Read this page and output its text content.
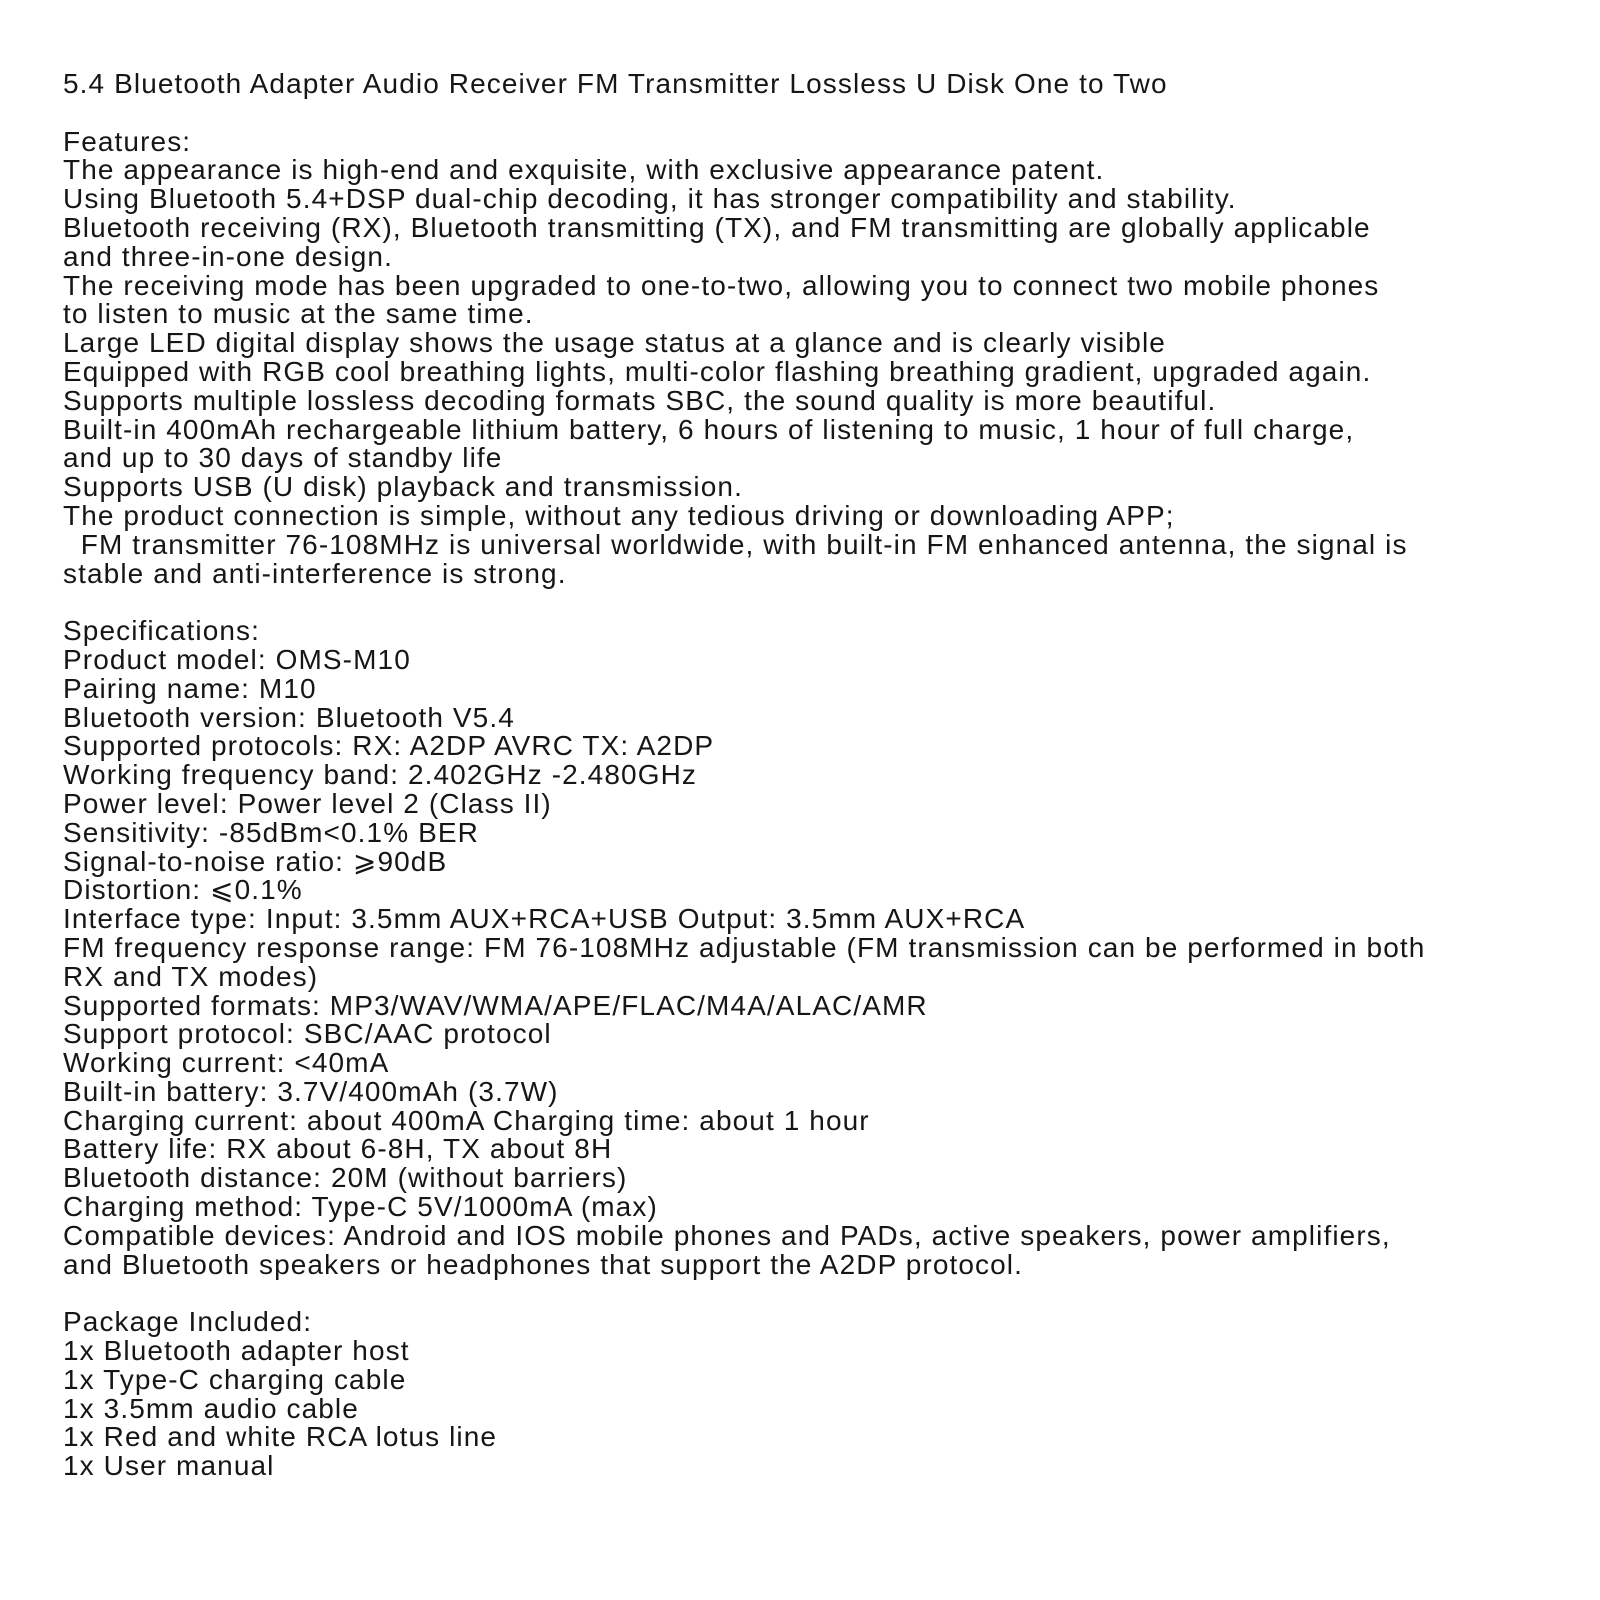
5.4 Bluetooth Adapter Audio Receiver FM Transmitter Lossless U Disk One to Two
Features:
The appearance is high-end and exquisite, with exclusive appearance patent.
Using Bluetooth 5.4+DSP dual-chip decoding, it has stronger compatibility and stability.
Bluetooth receiving (RX), Bluetooth transmitting (TX), and FM transmitting are globally applicable
and three-in-one design.
The receiving mode has been upgraded to one-to-two, allowing you to connect two mobile phones
to listen to music at the same time.
Large LED digital display shows the usage status at a glance and is clearly visible
Equipped with RGB cool breathing lights, multi-color flashing breathing gradient, upgraded again.
Supports multiple lossless decoding formats SBC, the sound quality is more beautiful.
Built-in 400mAh rechargeable lithium battery, 6 hours of listening to music, 1 hour of full charge,
and up to 30 days of standby life
Supports USB (U disk) playback and transmission.
The product connection is simple, without any tedious driving or downloading APP;
FM transmitter 76-108MHz is universal worldwide, with built-in FM enhanced antenna, the signal is
stable and anti-interference is strong.
Specifications:
Product model: OMS-M10
Pairing name: M10
Bluetooth version: Bluetooth V5.4
Supported protocols: RX: A2DP AVRC TX: A2DP
Working frequency band: 2.402GHz -2.480GHz
Power level: Power level 2 (Class II)
Sensitivity: -85dBm<0.1% BER
Signal-to-noise ratio: ⩾90dB
Distortion: ⩽0.1%
Interface type: Input: 3.5mm AUX+RCA+USB Output: 3.5mm AUX+RCA
FM frequency response range: FM 76-108MHz adjustable (FM transmission can be performed in both
RX and TX modes)
Supported formats: MP3/WAV/WMA/APE/FLAC/M4A/ALAC/AMR
Support protocol: SBC/AAC protocol
Working current: <40mA
Built-in battery: 3.7V/400mAh (3.7W)
Charging current: about 400mA Charging time: about 1 hour
Battery life: RX about 6-8H, TX about 8H
Bluetooth distance: 20M (without barriers)
Charging method: Type-C 5V/1000mA (max)
Compatible devices: Android and IOS mobile phones and PADs, active speakers, power amplifiers,
and Bluetooth speakers or headphones that support the A2DP protocol.
Package Included:
1x Bluetooth adapter host
1x Type-C charging cable
1x 3.5mm audio cable
1x Red and white RCA lotus line
1x User manual
